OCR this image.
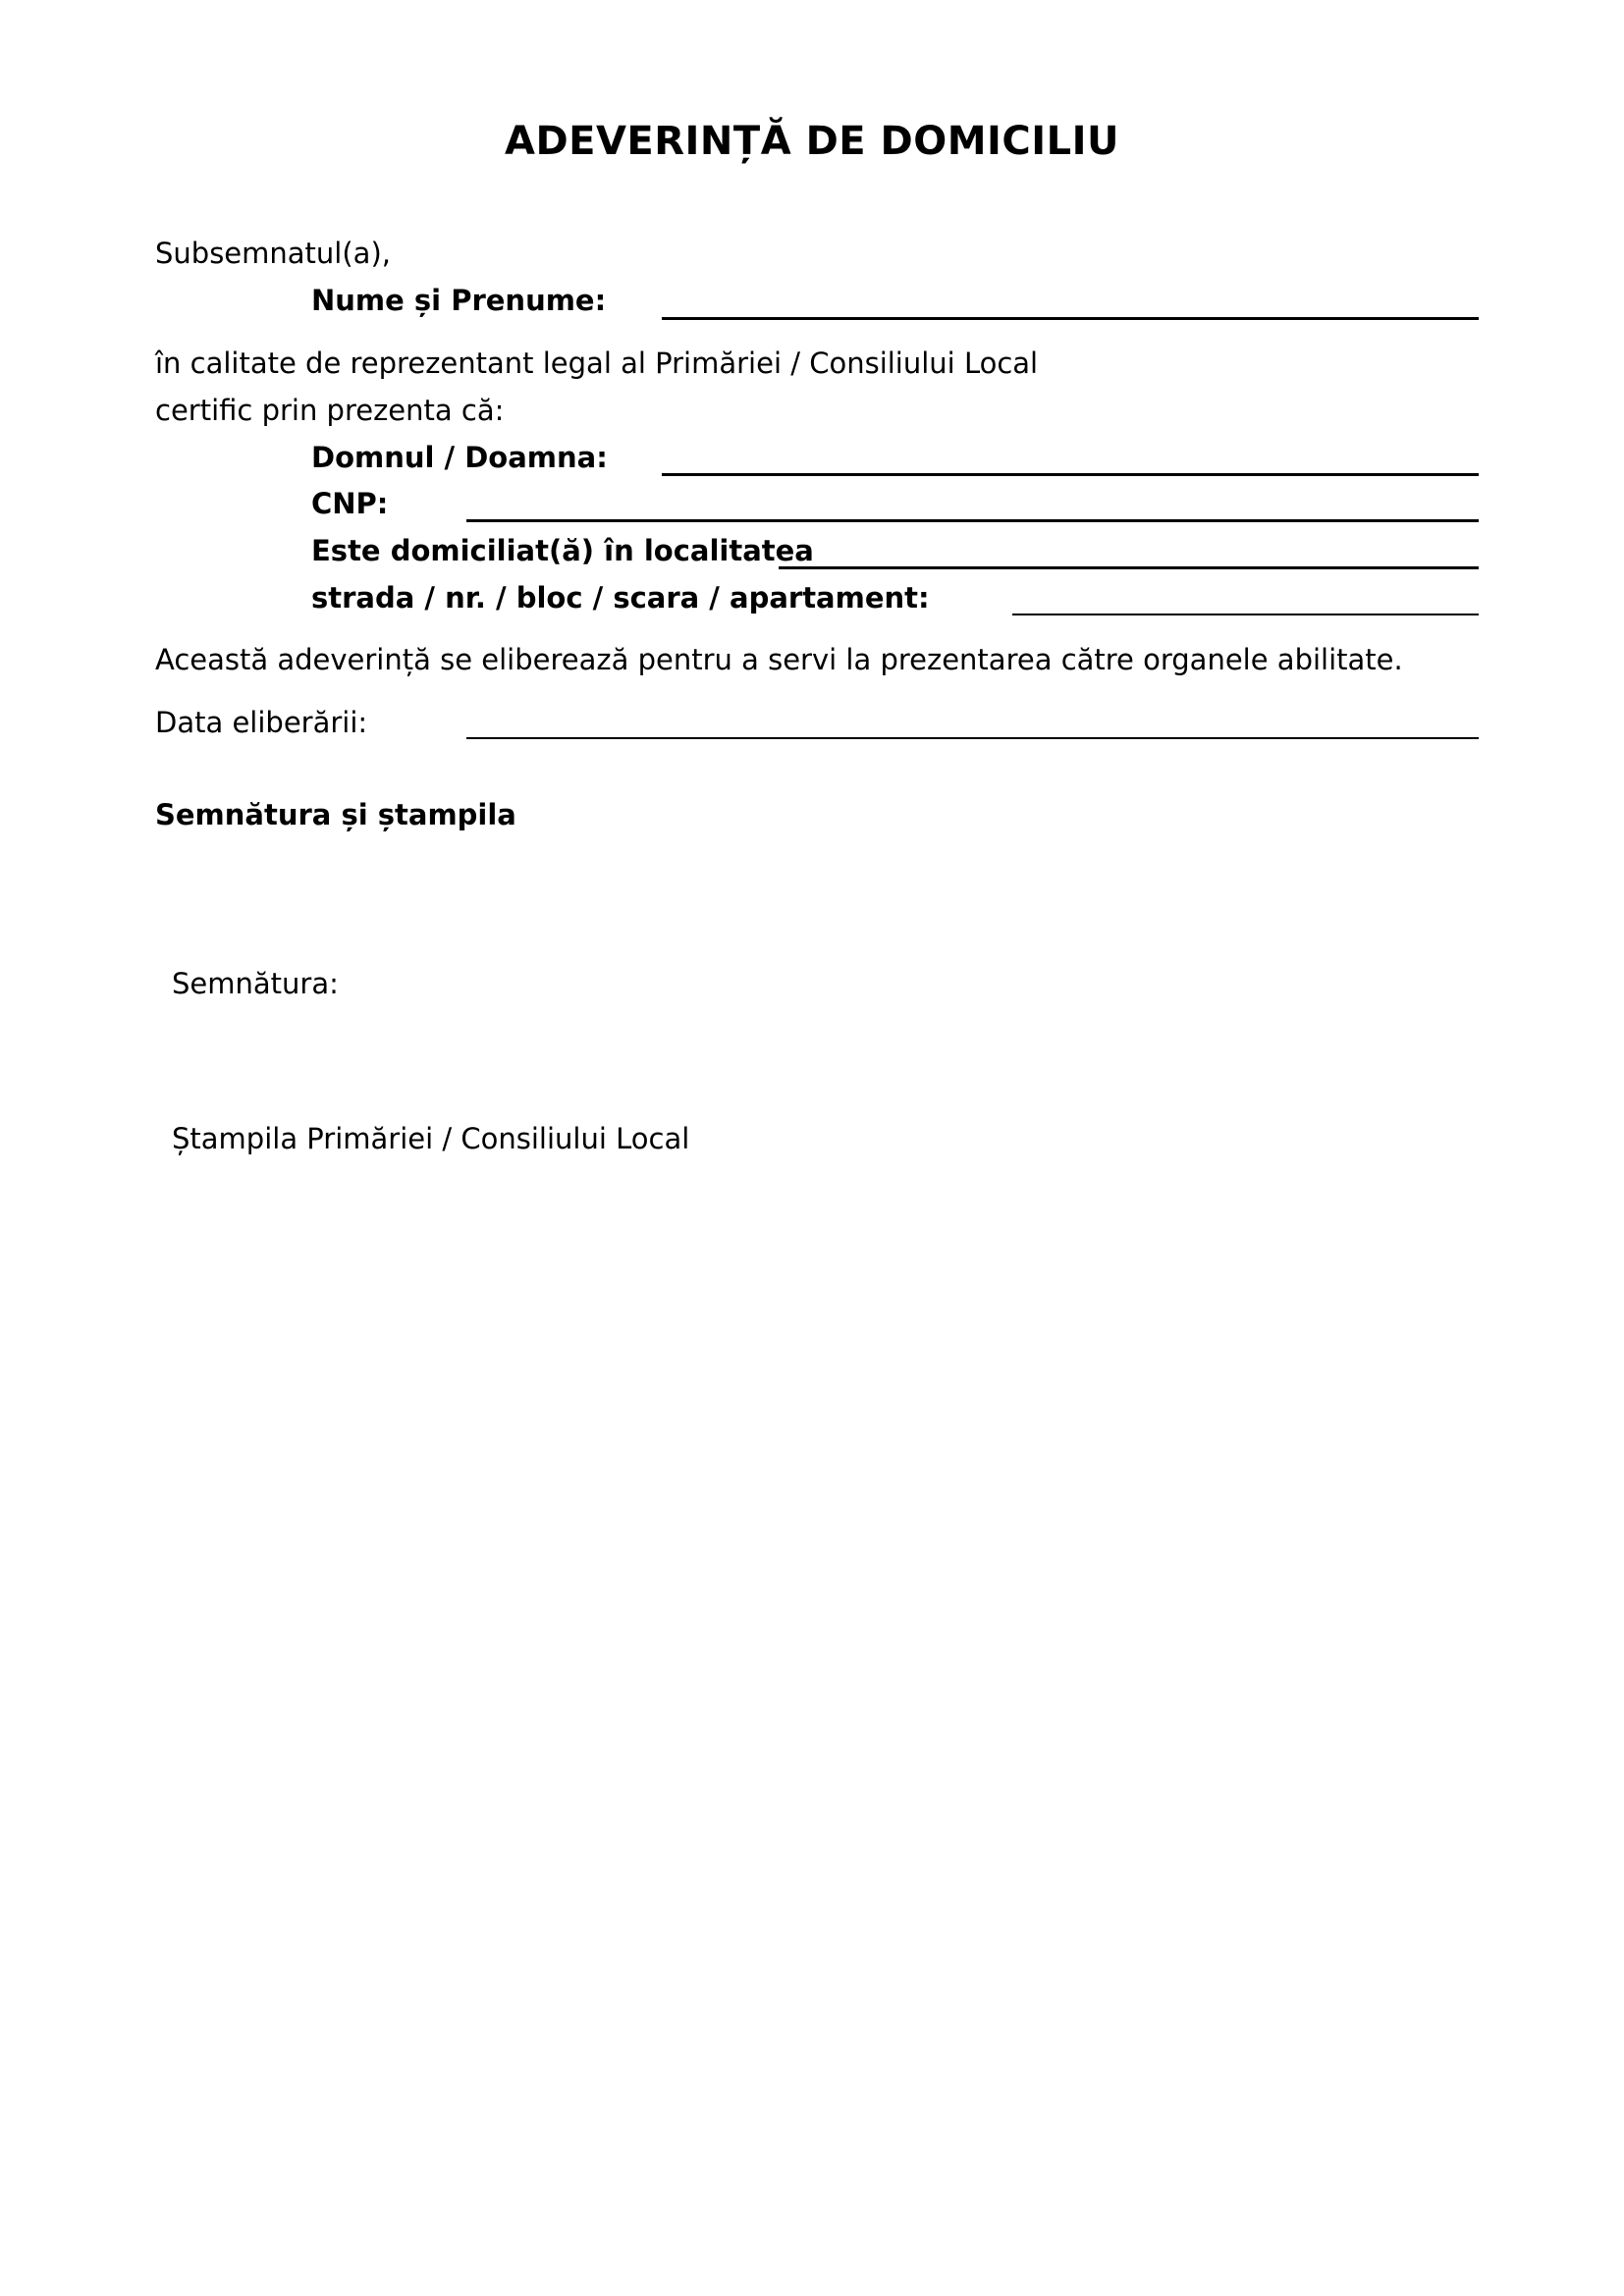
ADEVERINȚĂ DE DOMICILIU
Subsemnatul(a),
Nume și Prenume:
în calitate de reprezentant legal al Primăriei / Consiliului Local
certific prin prezenta că:
Domnul / Doamna:
CNP:
Este domiciliat(ă) în localitatea
strada / nr. / bloc / scara / apartament:
Această adeverință se eliberează pentru a servi la prezentarea către organele abilitate.
Data eliberării:
Semnătura și ștampila
Semnătura:
Ștampila Primăriei / Consiliului Local
